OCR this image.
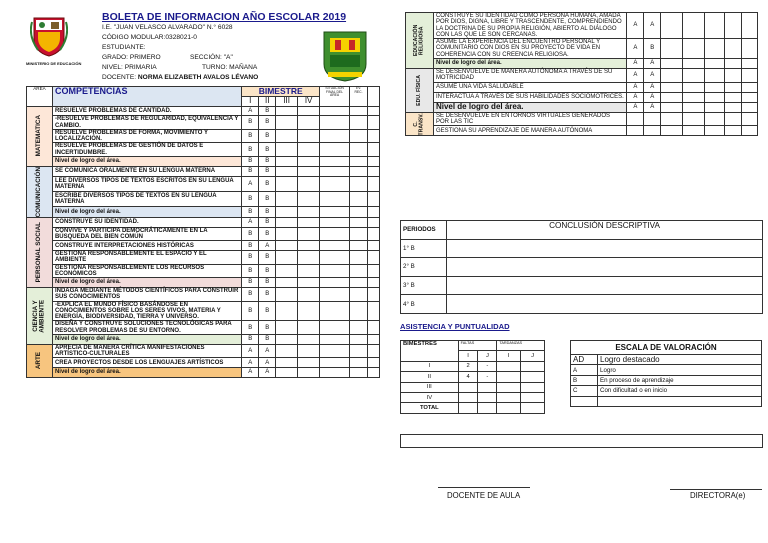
MINISTERIO DE EDUCACIÓN
BOLETA DE INFORMACION AÑO ESCOLAR 2019
I.E. "JUAN VELASCO ALVARADO" N.° 6028
CÓDIGO MODULAR:0328021-0
ESTUDIANTE:
GRADO: PRIMERO	SECCIÓN: "A"
NIVEL: PRIMARIA	TURNO: MAÑANA
DOCENTE: NORMA ELIZABETH AVALOS LÉVANO
ÁREA	COMPETENCIAS	BIMESTRE				SITUACIÓN FINAL DEL ÁREA	EV. REC.	
		I	II	III	IV			

MATEMATICA	RESUELVE PROBLEMAS DE CANTIDAD.	A	B					
	-RESUELVE PROBLEMAS DE REGULARIDAD, EQUIVALENCIA Y CAMBIO.	B	B					
	RESUELVE PROBLEMAS DE FORMA, MOVIMIENTO Y LOCALIZACIÓN.	B	B					
	RESUELVE PROBLEMAS DE GESTIÓN DE DATOS E INCERTIDUMBRE.	B	B					
	Nivel de logro del área.	B	B					

COMUNICACIÓN	SE COMUNICA ORALMENTE EN SU LENGUA MATERNA	B	B					
	LEE DIVERSOS TIPOS DE TEXTOS ESCRITOS EN SU LENGUA MATERNA	A	B					
	ESCRIBE DIVERSOS TIPOS DE TEXTOS EN SU LENGUA MATERNA	B	B					
	Nivel de logro del área.	B	B					

PERSONAL SOCIAL	CONSTRUYE SU IDENTIDAD.	A	B					
	CONVIVE Y PARTICIPA DEMOCRÁTICAMENTE EN LA BÚSQUEDA DEL BIEN COMÚN	B	B					
	CONSTRUYE INTERPRETACIONES HISTÓRICAS	B	A					
	GESTIONA RESPONSABLEMENTE EL ESPACIO Y EL AMBIENTE	B	B					
	GESTIONA RESPONSABLEMENTE LOS RECURSOS ECONÓMICOS	B	B					
	Nivel de logro del área.	B	B					

CIENCIA Y AMBIENTE	INDAGA MEDIANTE MÉTODOS CIENTÍFICOS PARA CONSTRUIR SUS CONOCIMIENTOS	B	B					
	-EXPLICA EL MUNDO FÍSICO BASÁNDOSE EN CONOCIMIENTOS SOBRE LOS SERES VIVOS, MATERIA Y ENERGÍA, BIODIVERSIDAD, TIERRA Y UNIVERSO.	B	B					
	DISEÑA Y CONSTRUYE SOLUCIONES TECNOLÓGICAS PARA RESOLVER PROBLEMAS DE SU ENTORNO.	B	B					
	Nivel de logro del área.	B	B					

ARTE	APRECIA DE MANERA CRÍTICA MANIFESTACIONES ARTÍSTICO-CULTURALES	A	A					
	CREA PROYECTOS DESDE LOS LENGUAJES ARTÍSTICOS	A	A					
	Nivel de logro del área.	A	A					
EDUCACIÓN RELIGIOSA	CONSTRUYE SU IDENTIDAD COMO PERSONA HUMANA, AMADA POR DIOS, DIGNA, LIBRE Y TRASCENDENTE, COMPRENDIENDO LA DOCTRINA DE SU PROPIA RELIGIÓN, ABIERTO AL DIÁLOGO CON LAS QUE LE SON CERCANAS.	A	A					
	ASUME LA EXPERIENCIA DEL ENCUENTRO PERSONAL Y COMUNITARIO CON DIOS EN SU PROYECTO DE VIDA EN COHERENCIA CON SU CREENCIA RELIGIOSA.	A	B					
	Nivel de logro del área.	A	A					

EDU. FÍSICA	SE DESENVUELVE DE MANERA AUTÓNOMA A TRAVÉS DE SU MOTRICIDAD	A	A					
	ASUME UNA VIDA SALUDABLE	A	A					
	INTERACTÚA A TRAVÉS DE SUS HABILIDADES SOCIOMOTRICES.	A	A					
	Nivel de logro del área.	A	A					

C. TRANSV.	SE DESENVUELVE EN ENTORNOS VIRTUALES GENERADOS POR LAS TIC							
	GESTIONA SU APRENDIZAJE DE MANERA AUTÓNOMA							
PERIODOS	CONCLUSIÓN DESCRIPTIVA
1° B	
2° B	
3° B	
4° B	
ASISTENCIA Y PUNTUALIDAD
BIMESTRES	FALTAS		TARDANZAS	
	I	J	I	J
I	2	-		
II	4	-		
III				
IV				
TOTAL				
ESCALA DE VALORACIÓN	
AD	Logro destacado
A	Logro
B	En proceso de aprendizaje
C	Con dificultad o en inicio

DOCENTE DE AULA	DIRECTORA(e)
